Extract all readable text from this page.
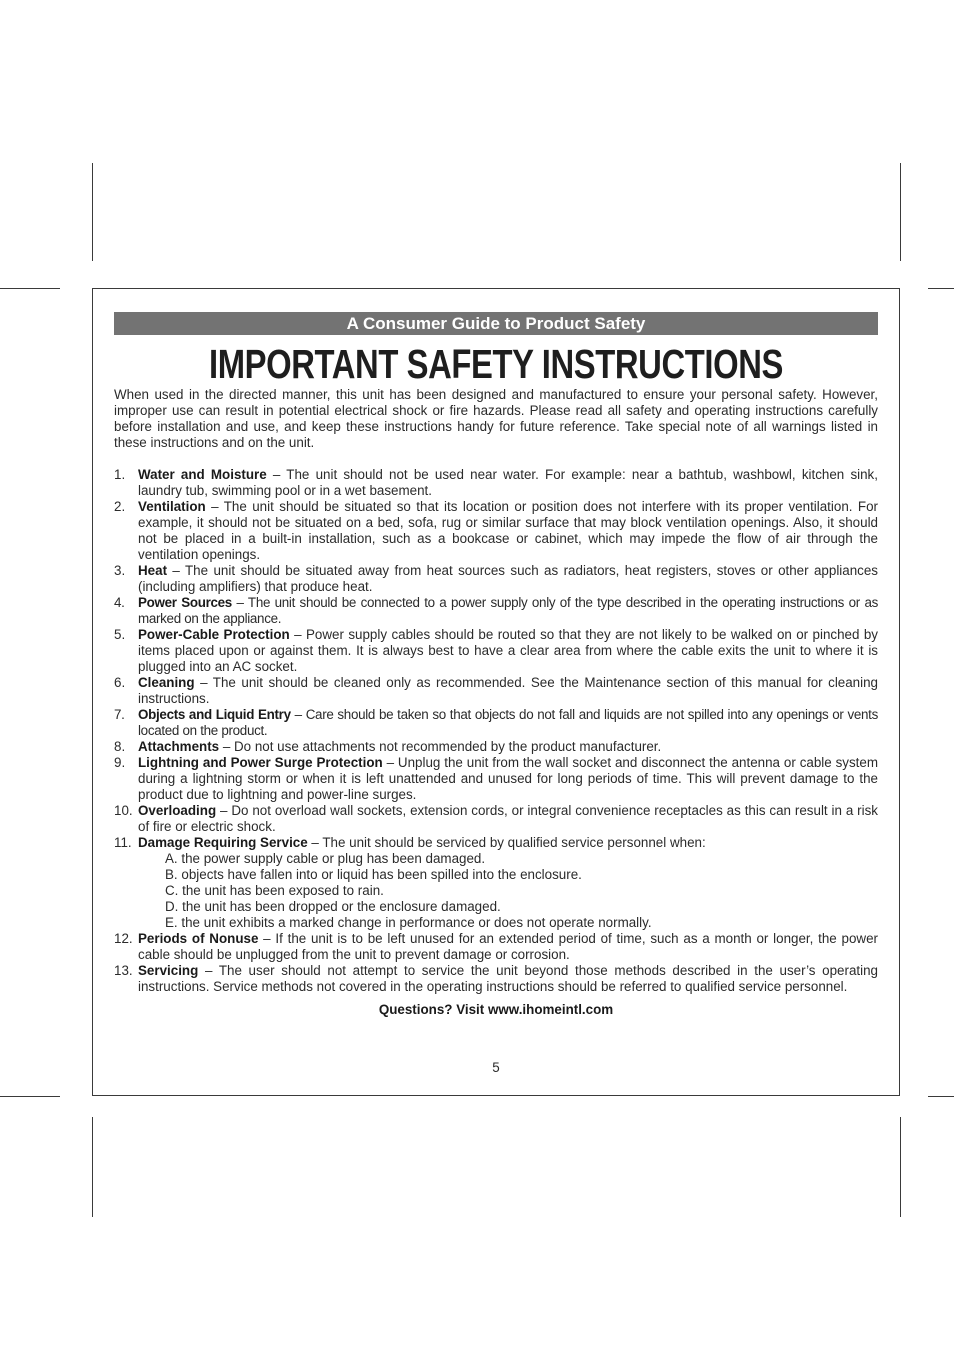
A Consumer Guide to Product Safety
IMPORTANT SAFETY INSTRUCTIONS

When used in the directed manner, this unit has been designed and manufactured to ensure your personal safety. However, improper use can result in potential electrical shock or fire hazards. Please read all safety and operating instructions carefully before installation and use, and keep these instructions handy for future reference. Take special note of all warnings listed in these instructions and on the unit.

1. Water and Moisture – The unit should not be used near water. For example: near a bathtub, washbowl, kitchen sink, laundry tub, swimming pool or in a wet basement.
2. Ventilation – The unit should be situated so that its location or position does not interfere with its proper ventilation. For example, it should not be situated on a bed, sofa, rug or similar surface that may block ventilation openings. Also, it should not be placed in a built-in installation, such as a bookcase or cabinet, which may impede the flow of air through the ventilation openings.
3. Heat – The unit should be situated away from heat sources such as radiators, heat registers, stoves or other appliances (including amplifiers) that produce heat.
4. Power Sources – The unit should be connected to a power supply only of the type described in the operating instructions or as marked on the appliance.
5. Power-Cable Protection – Power supply cables should be routed so that they are not likely to be walked on or pinched by items placed upon or against them. It is always best to have a clear area from where the cable exits the unit to where it is plugged into an AC socket.
6. Cleaning – The unit should be cleaned only as recommended. See the Maintenance section of this manual for cleaning instructions.
7. Objects and Liquid Entry – Care should be taken so that objects do not fall and liquids are not spilled into any openings or vents located on the product.
8. Attachments – Do not use attachments not recommended by the product manufacturer.
9. Lightning and Power Surge Protection – Unplug the unit from the wall socket and disconnect the antenna or cable system during a lightning storm or when it is left unattended and unused for long periods of time. This will prevent damage to the product due to lightning and power-line surges.
10. Overloading – Do not overload wall sockets, extension cords, or integral convenience receptacles as this can result in a risk of fire or electric shock.
11. Damage Requiring Service – The unit should be serviced by qualified service personnel when:
A. the power supply cable or plug has been damaged.
B. objects have fallen into or liquid has been spilled into the enclosure.
C. the unit has been exposed to rain.
D. the unit has been dropped or the enclosure damaged.
E. the unit exhibits a marked change in performance or does not operate normally.
12. Periods of Nonuse – If the unit is to be left unused for an extended period of time, such as a month or longer, the power cable should be unplugged from the unit to prevent damage or corrosion.
13. Servicing – The user should not attempt to service the unit beyond those methods described in the user’s operating instructions. Service methods not covered in the operating instructions should be referred to qualified service personnel.
Questions? Visit www.ihomeintl.com
5
